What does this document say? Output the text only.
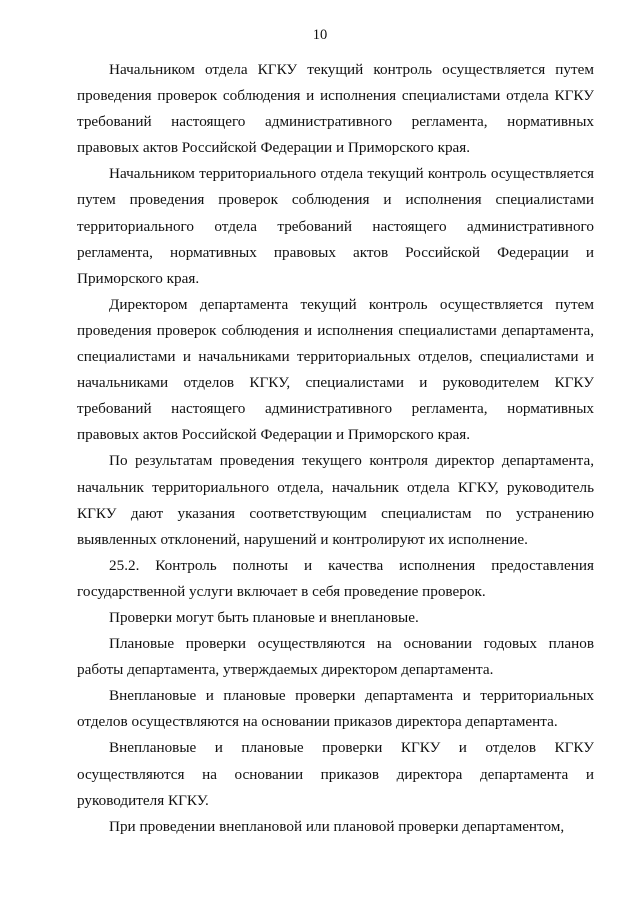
10

Начальником отдела КГКУ текущий контроль осуществляется путем проведения проверок соблюдения и исполнения специалистами отдела КГКУ требований настоящего административного регламента, нормативных правовых актов Российской Федерации и Приморского края.

Начальником территориального отдела текущий контроль осуществляется путем проведения проверок соблюдения и исполнения специалистами территориального отдела требований настоящего административного регламента, нормативных правовых актов Российской Федерации и Приморского края.

Директором департамента текущий контроль осуществляется путем проведения проверок соблюдения и исполнения специалистами департамента, специалистами и начальниками территориальных отделов, специалистами и начальниками отделов КГКУ, специалистами и руководителем КГКУ требований настоящего административного регламента, нормативных правовых актов Российской Федерации и Приморского края.

По результатам проведения текущего контроля директор департамента, начальник территориального отдела, начальник отдела КГКУ, руководитель КГКУ дают указания соответствующим специалистам по устранению выявленных отклонений, нарушений и контролируют их исполнение.

25.2. Контроль полноты и качества исполнения предоставления государственной услуги включает в себя проведение проверок.

Проверки могут быть плановые и внеплановые.

Плановые проверки осуществляются на основании годовых планов работы департамента, утверждаемых директором департамента.

Внеплановые и плановые проверки департамента и территориальных отделов осуществляются на основании приказов директора департамента.

Внеплановые и плановые проверки КГКУ и отделов КГКУ осуществляются на основании приказов директора департамента и руководителя КГКУ.

При проведении внеплановой или плановой проверки департаментом,
